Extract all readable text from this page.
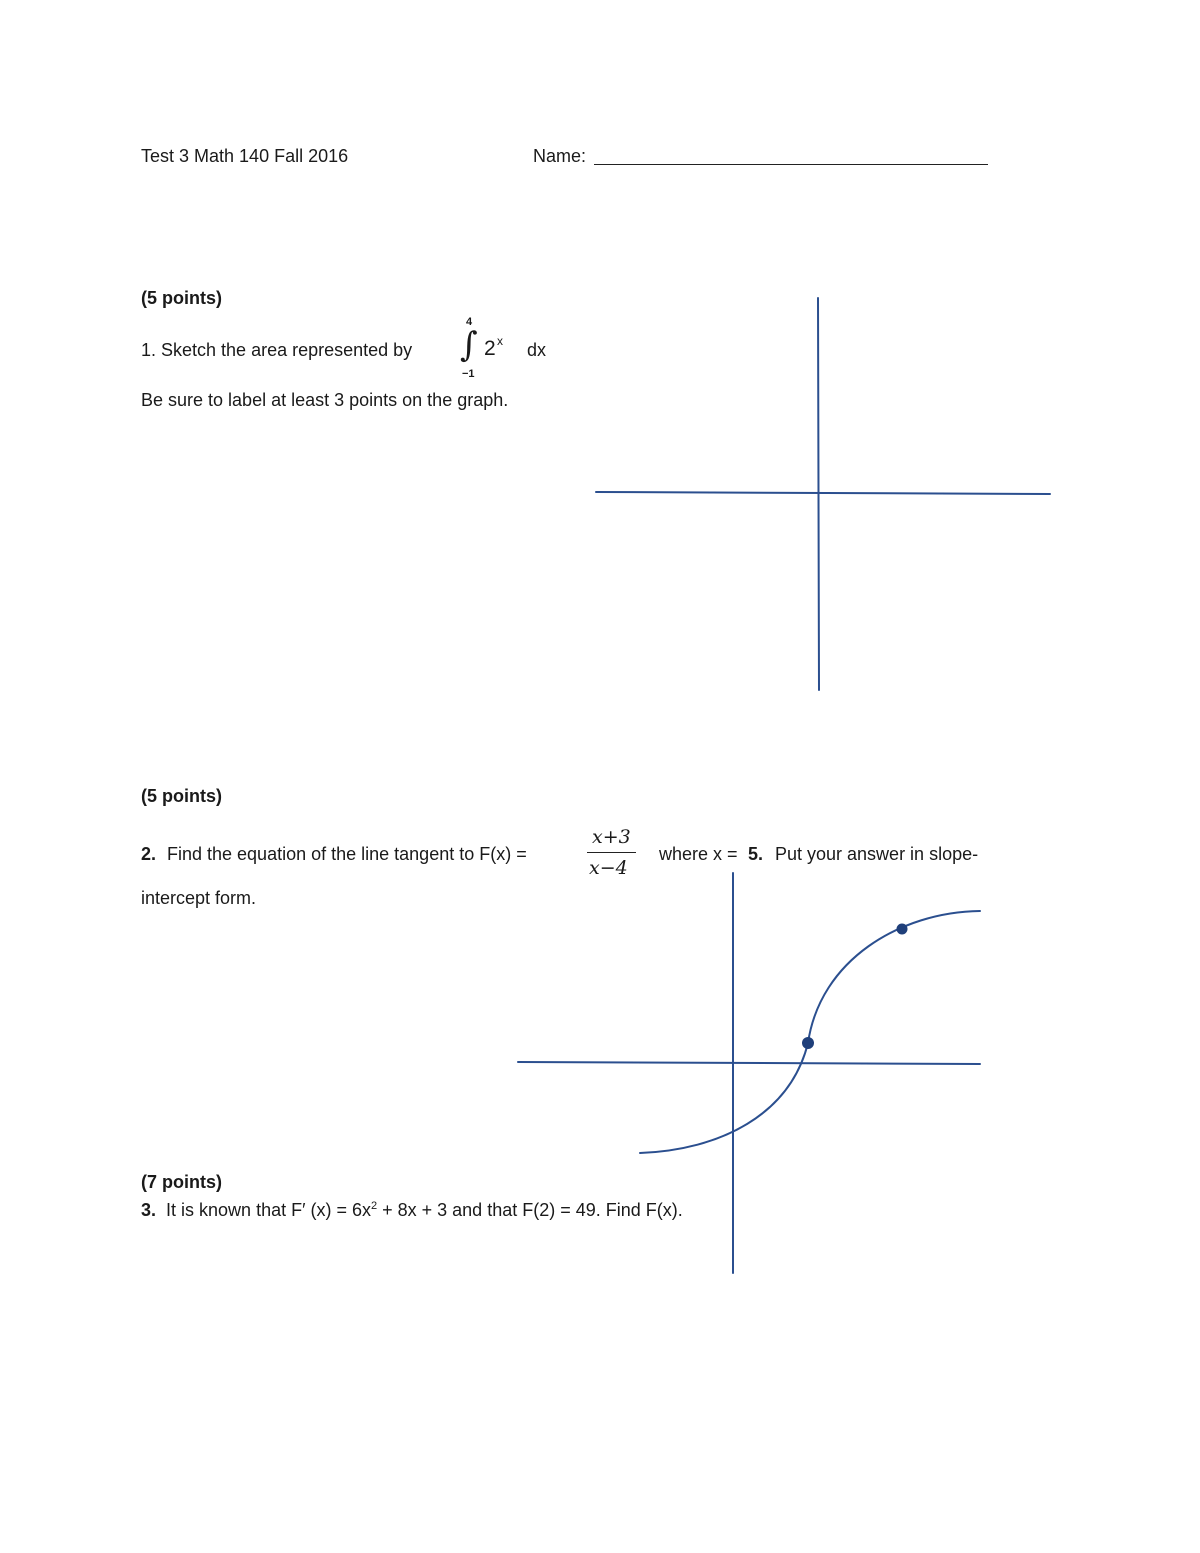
Test 3 Math 140 Fall 2016	Name:
(5 points)
1. Sketch the area represented by
4
∫
−1
2 x dx
Be sure to label at least 3 points on the graph.
(5 points)
2. Find the equation of the line tangent to F(x) =
x+3
x−4
where x = 5. Put your answer in slope-
intercept form.
(7 points)
3. It is known that F′ $(x) = 6x^2 + 8x + 3$ and that F(2) = 49. Find F(x).
